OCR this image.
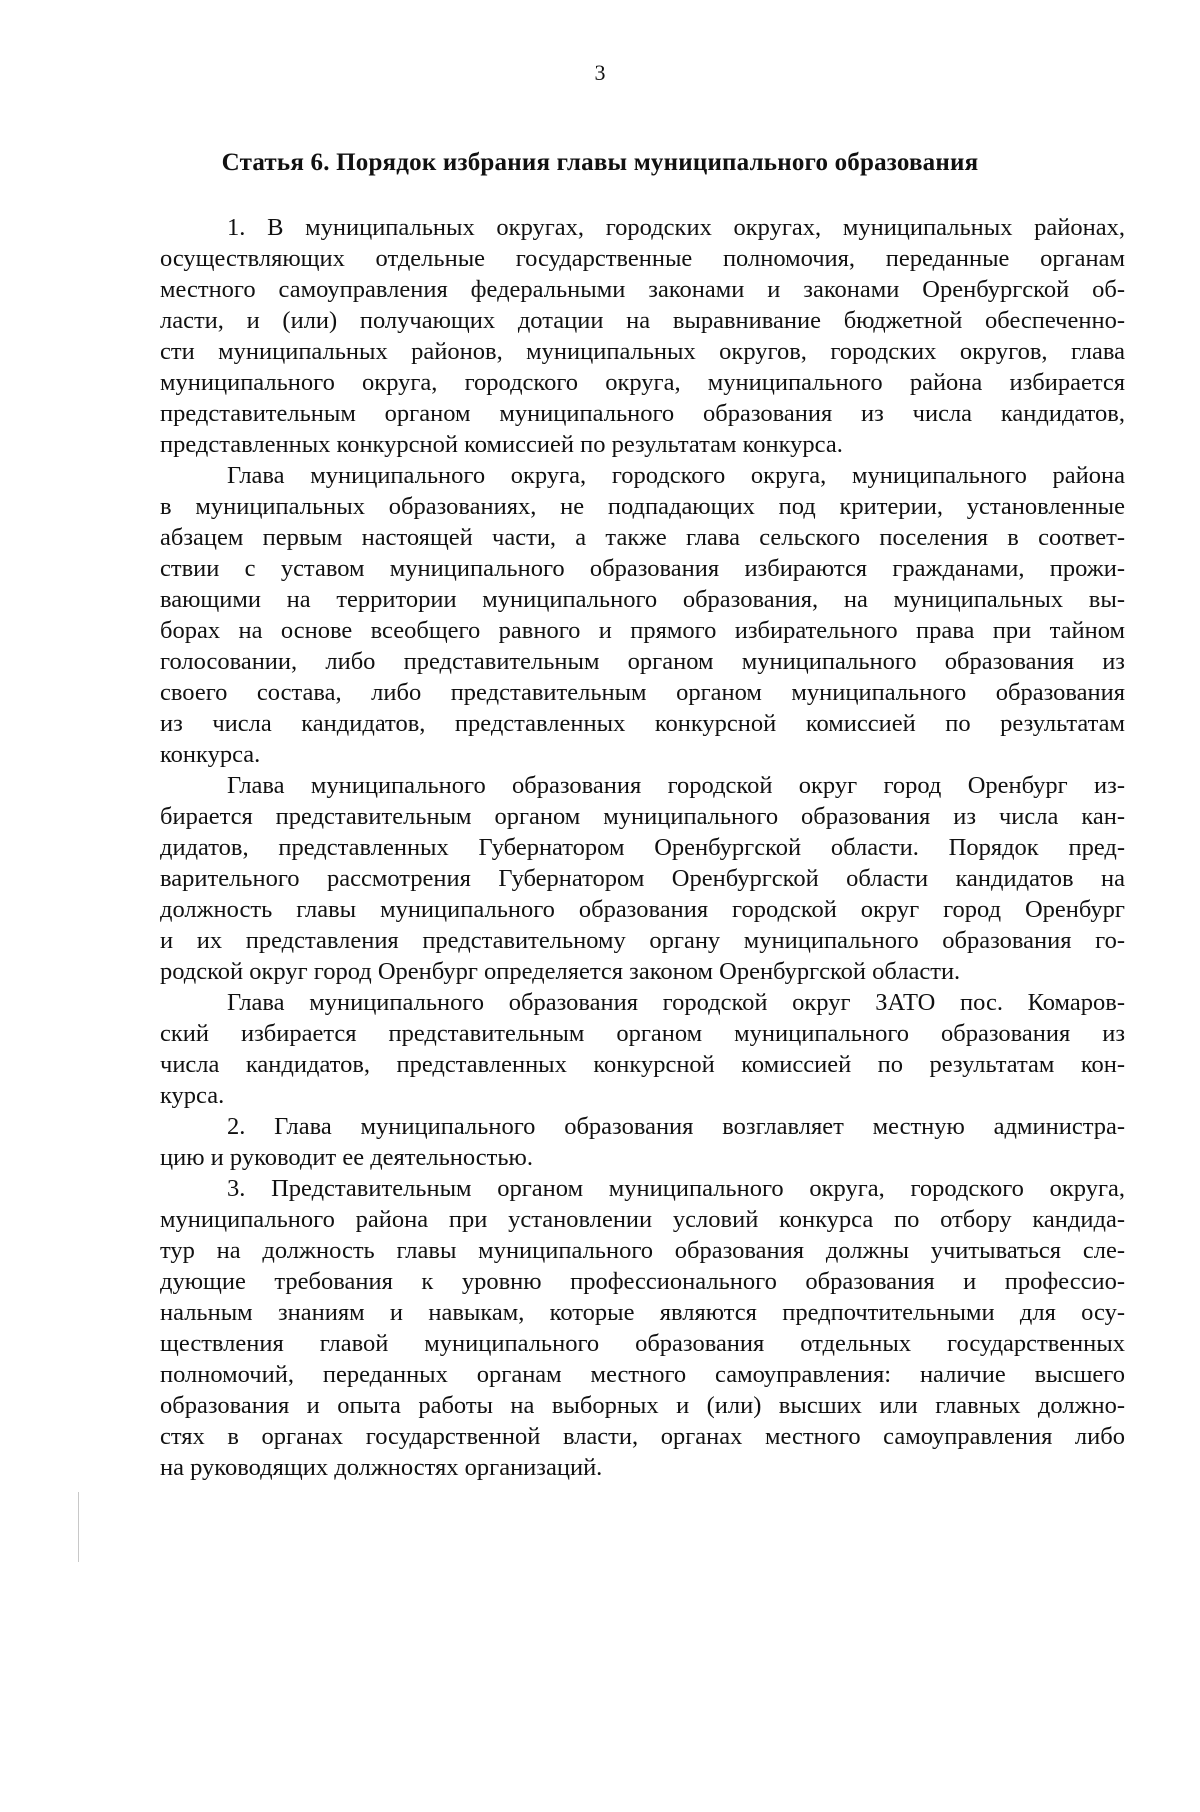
3
Статья 6. Порядок избрания главы муниципального образования
1. В муниципальных округах, городских округах, муниципальных районах,
осуществляющих отдельные государственные полномочия, переданные органам
местного самоуправления федеральными законами и законами Оренбургской об-
ласти, и (или) получающих дотации на выравнивание бюджетной обеспеченно-
сти муниципальных районов, муниципальных округов, городских округов, глава
муниципального округа, городского округа, муниципального района избирается
представительным органом муниципального образования из числа кандидатов,
представленных конкурсной комиссией по результатам конкурса.
Глава муниципального округа, городского округа, муниципального района
в муниципальных образованиях, не подпадающих под критерии, установленные
абзацем первым настоящей части, а также глава сельского поселения в соответ-
ствии с уставом муниципального образования избираются гражданами, прожи-
вающими на территории муниципального образования, на муниципальных вы-
борах на основе всеобщего равного и прямого избирательного права при тайном
голосовании, либо представительным органом муниципального образования из
своего состава, либо представительным органом муниципального образования
из числа кандидатов, представленных конкурсной комиссией по результатам
конкурса.
Глава муниципального образования городской округ город Оренбург из-
бирается представительным органом муниципального образования из числа кан-
дидатов, представленных Губернатором Оренбургской области. Порядок пред-
варительного рассмотрения Губернатором Оренбургской области кандидатов на
должность главы муниципального образования городской округ город Оренбург
и их представления представительному органу муниципального образования го-
родской округ город Оренбург определяется законом Оренбургской области.
Глава муниципального образования городской округ ЗАТО пос. Комаров-
ский избирается представительным органом муниципального образования из
числа кандидатов, представленных конкурсной комиссией по результатам кон-
курса.
2. Глава муниципального образования возглавляет местную администра-
цию и руководит ее деятельностью.
3. Представительным органом муниципального округа, городского округа,
муниципального района при установлении условий конкурса по отбору кандида-
тур на должность главы муниципального образования должны учитываться сле-
дующие требования к уровню профессионального образования и профессио-
нальным знаниям и навыкам, которые являются предпочтительными для осу-
ществления главой муниципального образования отдельных государственных
полномочий, переданных органам местного самоуправления: наличие высшего
образования и опыта работы на выборных и (или) высших или главных должно-
стях в органах государственной власти, органах местного самоуправления либо
на руководящих должностях организаций.
